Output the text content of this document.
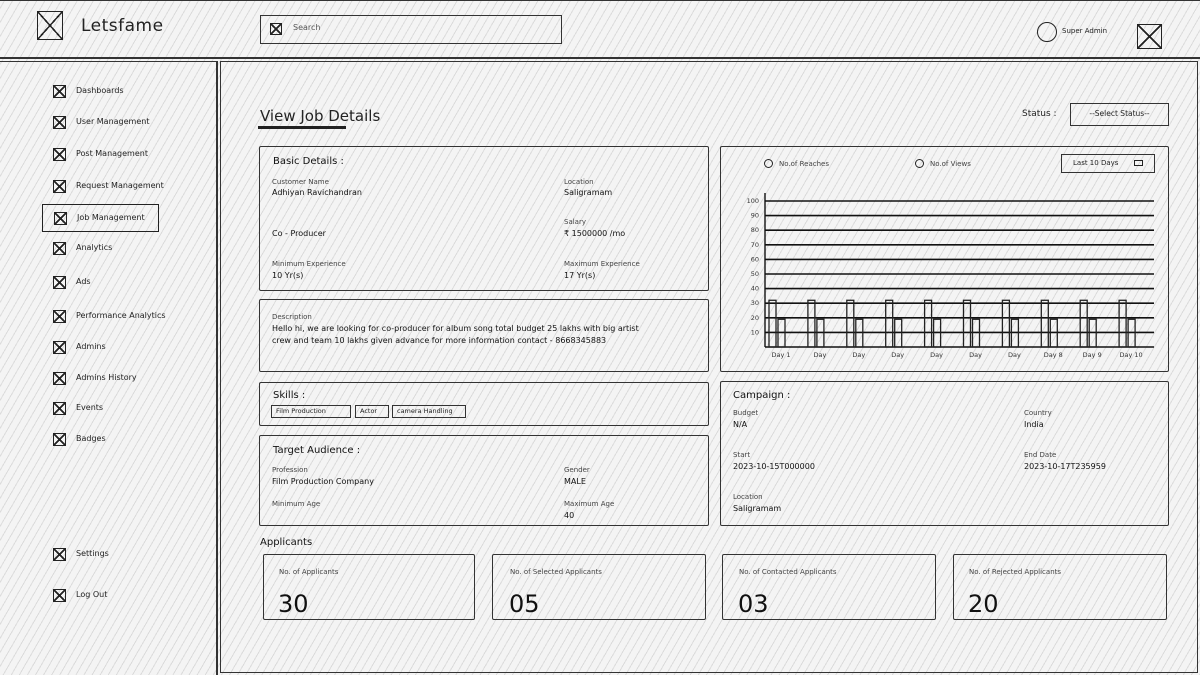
Letsfame	Search	Super Admin
Dashboards
User Management
Post Management
Request Management
Job Management
Analytics
Ads
Performance Analytics
Admins
Admins History
Events
Badges
Settings
Log Out
View Job Details	Status :	--Select Status--
Basic Details :
Customer Name
Adhiyan Ravichandran
Location
Saligramam
Salary
Co - Producer	₹ 1500000 /mo
Minimum Experience
10 Yr(s)
Maximum Experience
17 Yr(s)
Description
Hello hi, we are looking for co-producer for album song total budget 25 lakhs with big artist
crew and team 10 lakhs given advance for more information contact - 8668345883
Skills :
Film Production	Actor	camera Handling
Target Audience :
Profession
Film Production Company
Gender
MALE
Minimum Age	Maximum Age
40
No.of Reaches	No.of Views	Last 10 Days
100
90
80
70
60
50
40
30
20
10
Day 1	Day	Day	Day	Day	Day	Day	Day 8	Day 9	Day 10
Campaign :
Budget
N/A
Country
India
Start
2023-10-15T000000
End Date
2023-10-17T235959
Location
Saligramam
Applicants
No. of Applicants
30
No. of Selected Applicants
05
No. of Contacted Applicants
03
No. of Rejected Applicants
20
